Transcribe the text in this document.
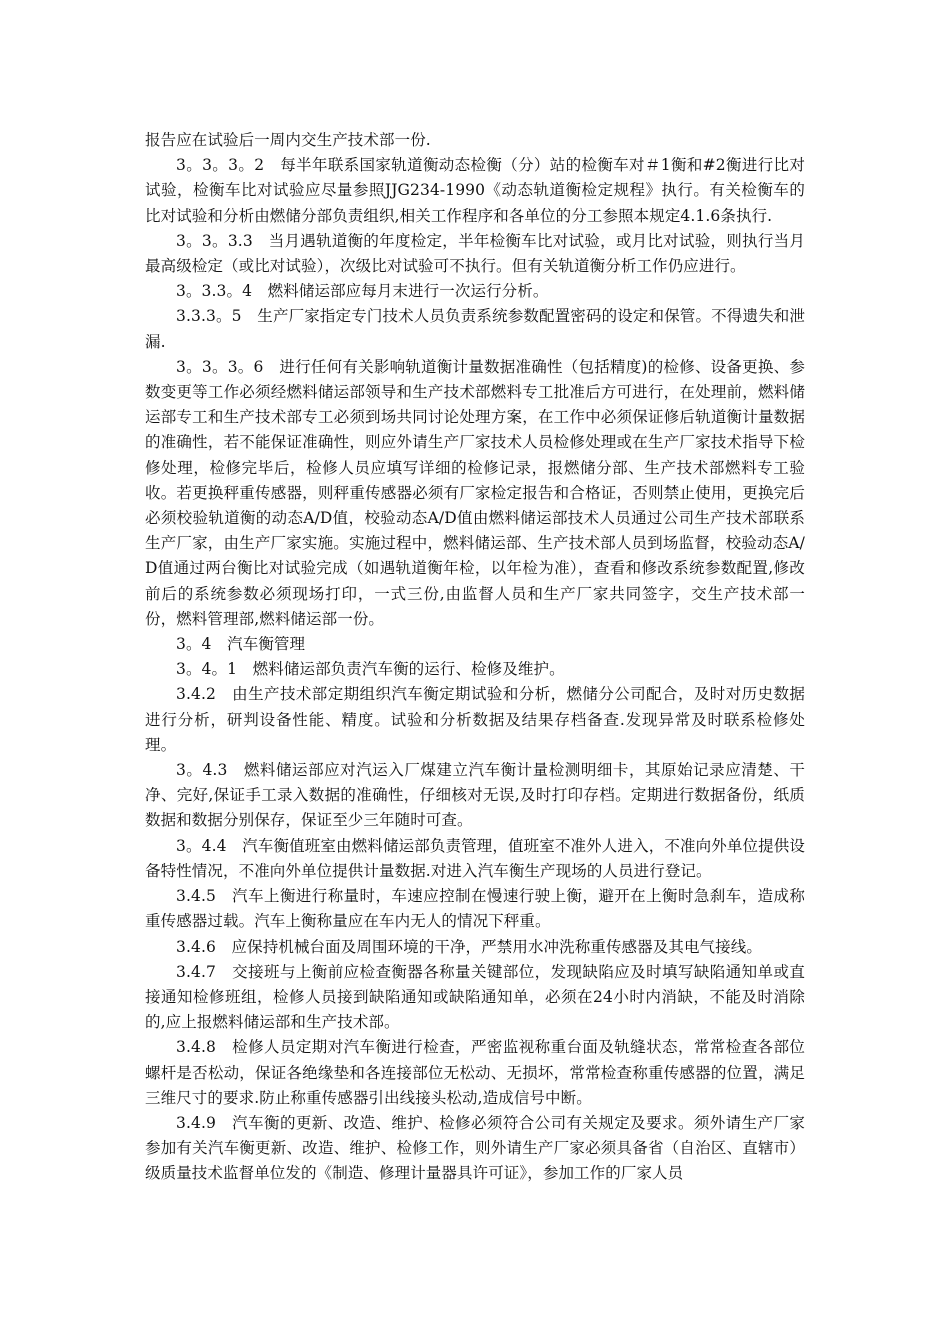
报告应在试验后一周内交生产技术部一份.

3。3。3。2　每半年联系国家轨道衡动态检衡（分）站的检衡车对＃1衡和#2衡进行比对试验，检衡车比对试验应尽量参照JJG234-1990《动态轨道衡检定规程》执行。有关检衡车的比对试验和分析由燃储分部负责组织,相关工作程序和各单位的分工参照本规定4.1.6条执行.

3。3。3.3　当月遇轨道衡的年度检定，半年检衡车比对试验，或月比对试验，则执行当月最高级检定（或比对试验），次级比对试验可不执行。但有关轨道衡分析工作仍应进行。

3。3.3。4　燃料储运部应每月末进行一次运行分析。

3.3.3。5　生产厂家指定专门技术人员负责系统参数配置密码的设定和保管。不得遗失和泄漏.

3。3。3。6　进行任何有关影响轨道衡计量数据准确性（包括精度)的检修、设备更换、参数变更等工作必须经燃料储运部领导和生产技术部燃料专工批准后方可进行，在处理前，燃料储运部专工和生产技术部专工必须到场共同讨论处理方案，在工作中必须保证修后轨道衡计量数据的准确性，若不能保证准确性，则应外请生产厂家技术人员检修处理或在生产厂家技术指导下检修处理，检修完毕后，检修人员应填写详细的检修记录，报燃储分部、生产技术部燃料专工验收。若更换秤重传感器，则秤重传感器必须有厂家检定报告和合格证，否则禁止使用，更换完后必须校验轨道衡的动态A/D值，校验动态A/D值由燃料储运部技术人员通过公司生产技术部联系生产厂家，由生产厂家实施。实施过程中，燃料储运部、生产技术部人员到场监督，校验动态A/D值通过两台衡比对试验完成（如遇轨道衡年检，以年检为准），查看和修改系统参数配置,修改前后的系统参数必须现场打印，一式三份,由监督人员和生产厂家共同签字，交生产技术部一份，燃料管理部,燃料储运部一份。

3。4　汽车衡管理

3。4。1　燃料储运部负责汽车衡的运行、检修及维护。

3.4.2　由生产技术部定期组织汽车衡定期试验和分析，燃储分公司配合，及时对历史数据进行分析，研判设备性能、精度。试验和分析数据及结果存档备查.发现异常及时联系检修处理。

3。4.3　燃料储运部应对汽运入厂煤建立汽车衡计量检测明细卡，其原始记录应清楚、干净、完好,保证手工录入数据的准确性，仔细核对无误,及时打印存档。定期进行数据备份，纸质数据和数据分别保存，保证至少三年随时可查。

3。4.4　汽车衡值班室由燃料储运部负责管理，值班室不准外人进入，不准向外单位提供设备特性情况，不准向外单位提供计量数据.对进入汽车衡生产现场的人员进行登记。

3.4.5　汽车上衡进行称量时，车速应控制在慢速行驶上衡，避开在上衡时急刹车，造成称重传感器过载。汽车上衡称量应在车内无人的情况下秤重。

3.4.6　应保持机械台面及周围环境的干净，严禁用水冲洗称重传感器及其电气接线。

3.4.7　交接班与上衡前应检查衡器各称量关键部位，发现缺陷应及时填写缺陷通知单或直接通知检修班组，检修人员接到缺陷通知或缺陷通知单，必须在24小时内消缺，不能及时消除的,应上报燃料储运部和生产技术部。

3.4.8　检修人员定期对汽车衡进行检查，严密监视称重台面及轨缝状态，常常检查各部位螺杆是否松动，保证各绝缘垫和各连接部位无松动、无损坏，常常检查称重传感器的位置，满足三维尺寸的要求.防止称重传感器引出线接头松动,造成信号中断。

3.4.9　汽车衡的更新、改造、维护、检修必须符合公司有关规定及要求。须外请生产厂家参加有关汽车衡更新、改造、维护、检修工作，则外请生产厂家必须具备省（自治区、直辖市）级质量技术监督单位发的《制造、修理计量器具许可证》，参加工作的厂家人员
